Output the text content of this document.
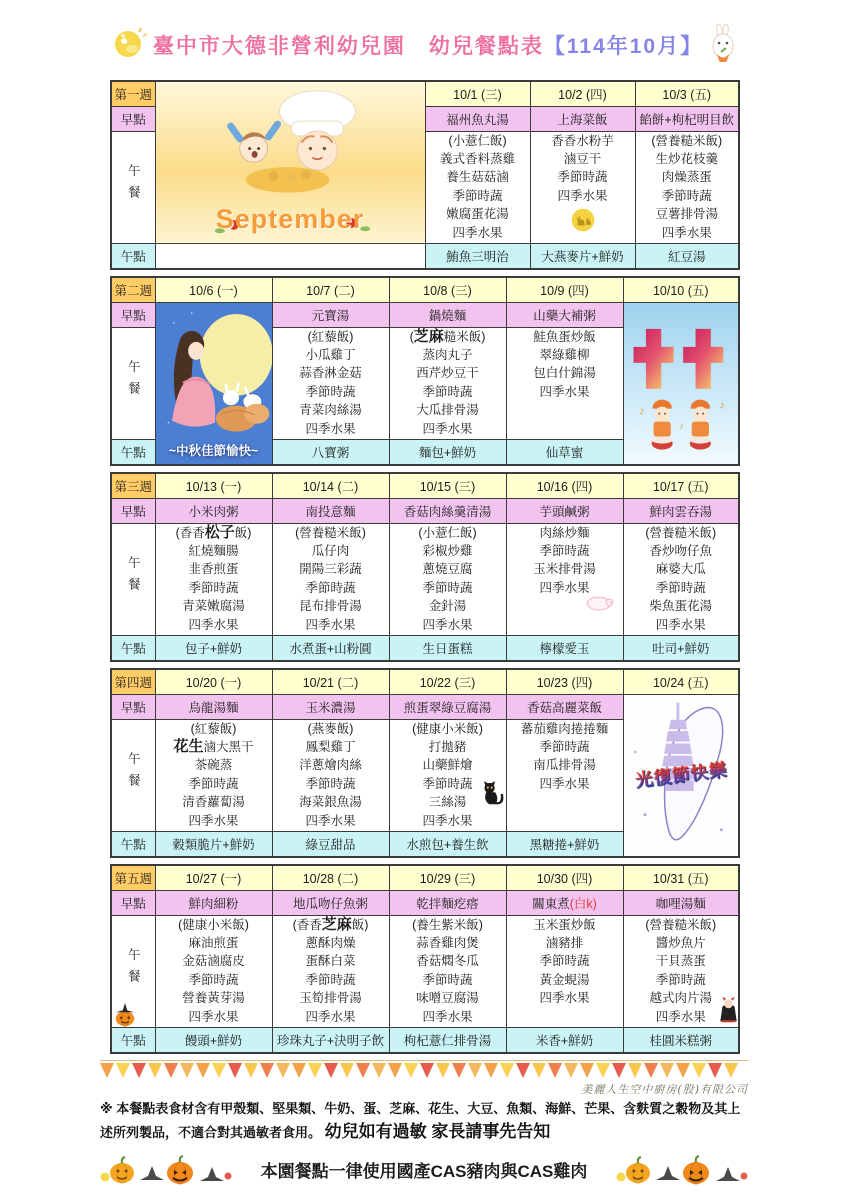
臺中市大德非營利幼兒園　幼兒餐點表【114年10月】
第一週	September	10/1 (三)	10/2 (四)	10/3 (五)
早點		福州魚丸湯	上海菜飯	餡餅+枸杞明目飲
午餐	
(小薏仁飯)
義式香料蒸雞
養生菇菇滷
季節時蔬
嫩腐蛋花湯
四季水果

香香水粉芋
滷豆干
季節時蔬
四季水果

(營養糙米飯)
生炒花枝羹
肉燥蒸蛋
季節時蔬
豆薯排骨湯
四季水果

午點		鮪魚三明治	大燕麥片+鮮奶	紅豆湯
第二週	10/6 (一)	10/7 (二)	10/8 (三)	10/9 (四)	10/10 (五)
早點	~中秋佳節愉快~	元寶湯	鍋燒麵	山藥大補粥	♪ ♪
♪

午餐	
(紅藜飯)
小瓜雞丁
蒜香淋金菇
季節時蔬
青菜肉絲湯
四季水果

(芝麻糙米飯)
蒸肉丸子
西芹炒豆干
季節時蔬
大瓜排骨湯
四季水果

鮭魚蛋炒飯
翠綠雞柳
包白什錦湯
四季水果

午點		八寶粥	麵包+鮮奶	仙草蜜	
第三週	10/13 (一)	10/14 (二)	10/15 (三)	10/16 (四)	10/17 (五)
早點	小米肉粥	南投意麵	香菇肉絲羹清湯	芋頭鹹粥	鮮肉雲吞湯
午餐	
(香香松子飯)
紅燒麵腸
韭香煎蛋
季節時蔬
青菜嫩腐湯
四季水果

(營養糙米飯)
瓜仔肉
開陽三彩蔬
季節時蔬
昆布排骨湯
四季水果

(小薏仁飯)
彩椒炒雞
蔥燒豆腐
季節時蔬
金針湯
四季水果

肉絲炒麵
季節時蔬
玉米排骨湯
四季水果

(營養糙米飯)
香炒吻仔魚
麻婆大瓜
季節時蔬
柴魚蛋花湯
四季水果

午點	包子+鮮奶	水煮蛋+山粉圓	生日蛋糕	檸檬愛玉	吐司+鮮奶
第四週	10/20 (一)	10/21 (二)	10/22 (三)	10/23 (四)	10/24 (五)
早點	烏龍湯麵	玉米濃湯	煎蛋翠綠豆腐湯	香菇高麗菜飯	光復節快樂

午餐	
(紅藜飯)
花生滷大黑干
茶碗蒸
季節時蔬
清香蘿蔔湯
四季水果

(燕麥飯)
鳳梨雞丁
洋蔥燴肉絲
季節時蔬
海菜銀魚湯
四季水果

(健康小米飯)
打拋豬
山藥鮮燴
季節時蔬
三絲湯
四季水果

蕃茄雞肉捲捲麵
季節時蔬
南瓜排骨湯
四季水果

午點	穀類脆片+鮮奶	綠豆甜品	水煎包+養生飲	黑糖捲+鮮奶	
第五週	10/27 (一)	10/28 (二)	10/29 (三)	10/30 (四)	10/31 (五)
早點	鮮肉細粉	地瓜吻仔魚粥	乾拌麵疙瘩	關東煮(白k)	咖哩湯麵
午餐

(健康小米飯)
麻油煎蛋
金菇滷腐皮
季節時蔬
營養黃芽湯
四季水果

(香香芝麻飯)
蔥酥肉燥
蛋酥白菜
季節時蔬
玉筍排骨湯
四季水果

(養生紫米飯)
蒜香雞肉煲
香菇燜冬瓜
季節時蔬
味噌豆腐湯
四季水果

玉米蛋炒飯
滷豬排
季節時蔬
黃金蜆湯
四季水果

(營養糙米飯)
醬炒魚片
干貝蒸蛋
季節時蔬
越式肉片湯
四季水果

午點	饅頭+鮮奶	珍珠丸子+決明子飲	枸杞薏仁排骨湯	米香+鮮奶	桂圓米糕粥
美麗人生空中廚房(股)有限公司

※ 本餐點表食材含有甲殼類、堅果類、牛奶、蛋、芝麻、花生、大豆、魚類、海鮮、芒果、含麩質之穀物及其上述所列製品，不適合對其過敏者食用。 幼兒如有過敏 家長請事先告知

本園餐點一律使用國產CAS豬肉與CAS雞肉
